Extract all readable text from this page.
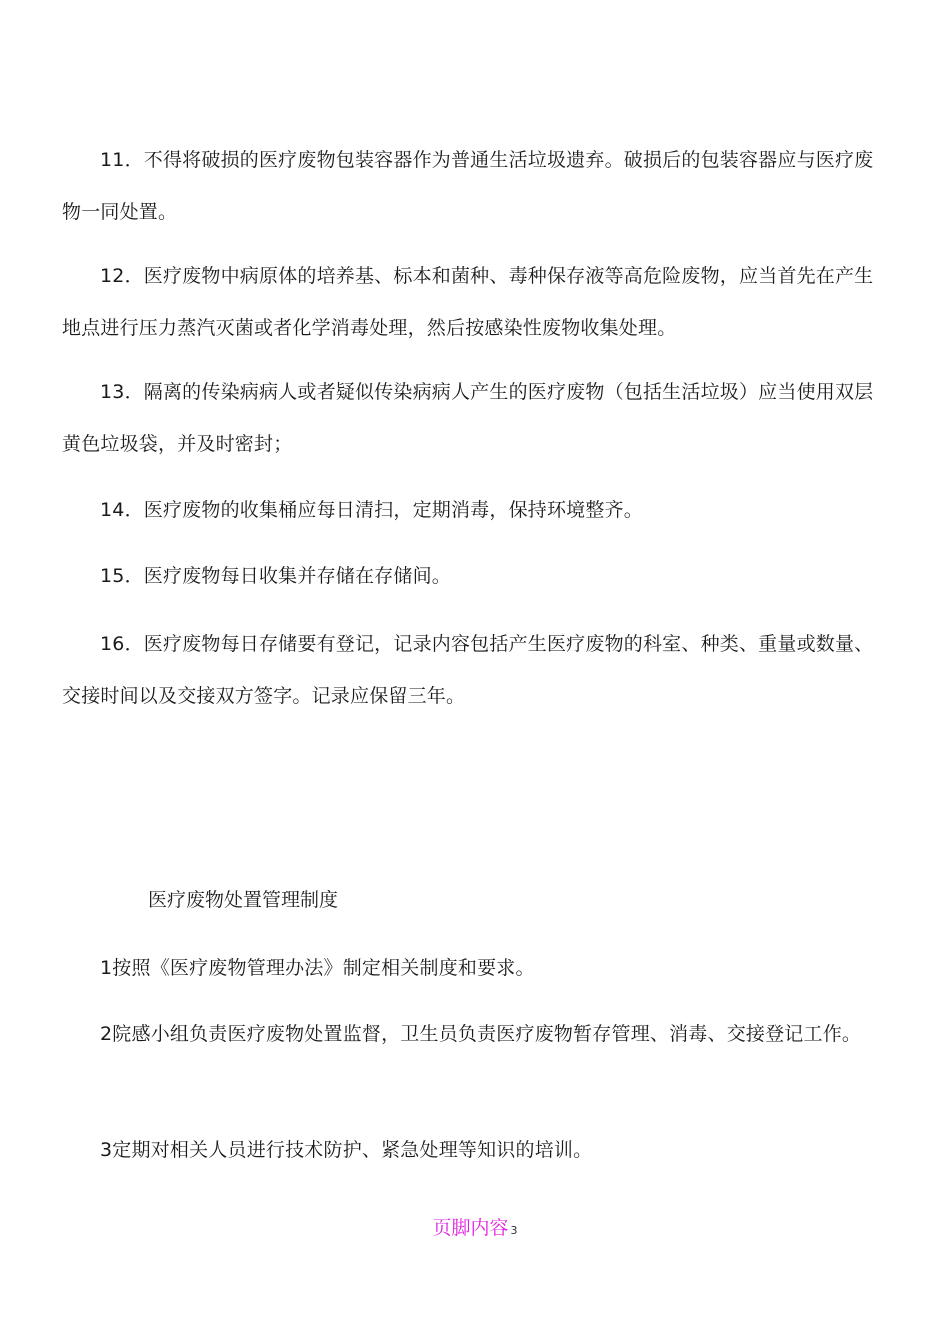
11．不得将破损的医疗废物包装容器作为普通生活垃圾遗弃。破损后的包装容器应与医疗废物一同处置。

12．医疗废物中病原体的培养基、标本和菌种、毒种保存液等高危险废物，应当首先在产生地点进行压力蒸汽灭菌或者化学消毒处理，然后按感染性废物收集处理。

13．隔离的传染病病人或者疑似传染病病人产生的医疗废物（包括生活垃圾）应当使用双层黄色垃圾袋，并及时密封；

14．医疗废物的收集桶应每日清扫，定期消毒，保持环境整齐。

15．医疗废物每日收集并存储在存储间。

16．医疗废物每日存储要有登记，记录内容包括产生医疗废物的科室、种类、重量或数量、交接时间以及交接双方签字。记录应保留三年。

医疗废物处置管理制度

1按照《医疗废物管理办法》制定相关制度和要求。

2院感小组负责医疗废物处置监督，卫生员负责医疗废物暂存管理、消毒、交接登记工作。

3定期对相关人员进行技术防护、紧急处理等知识的培训。

页脚内容 3
